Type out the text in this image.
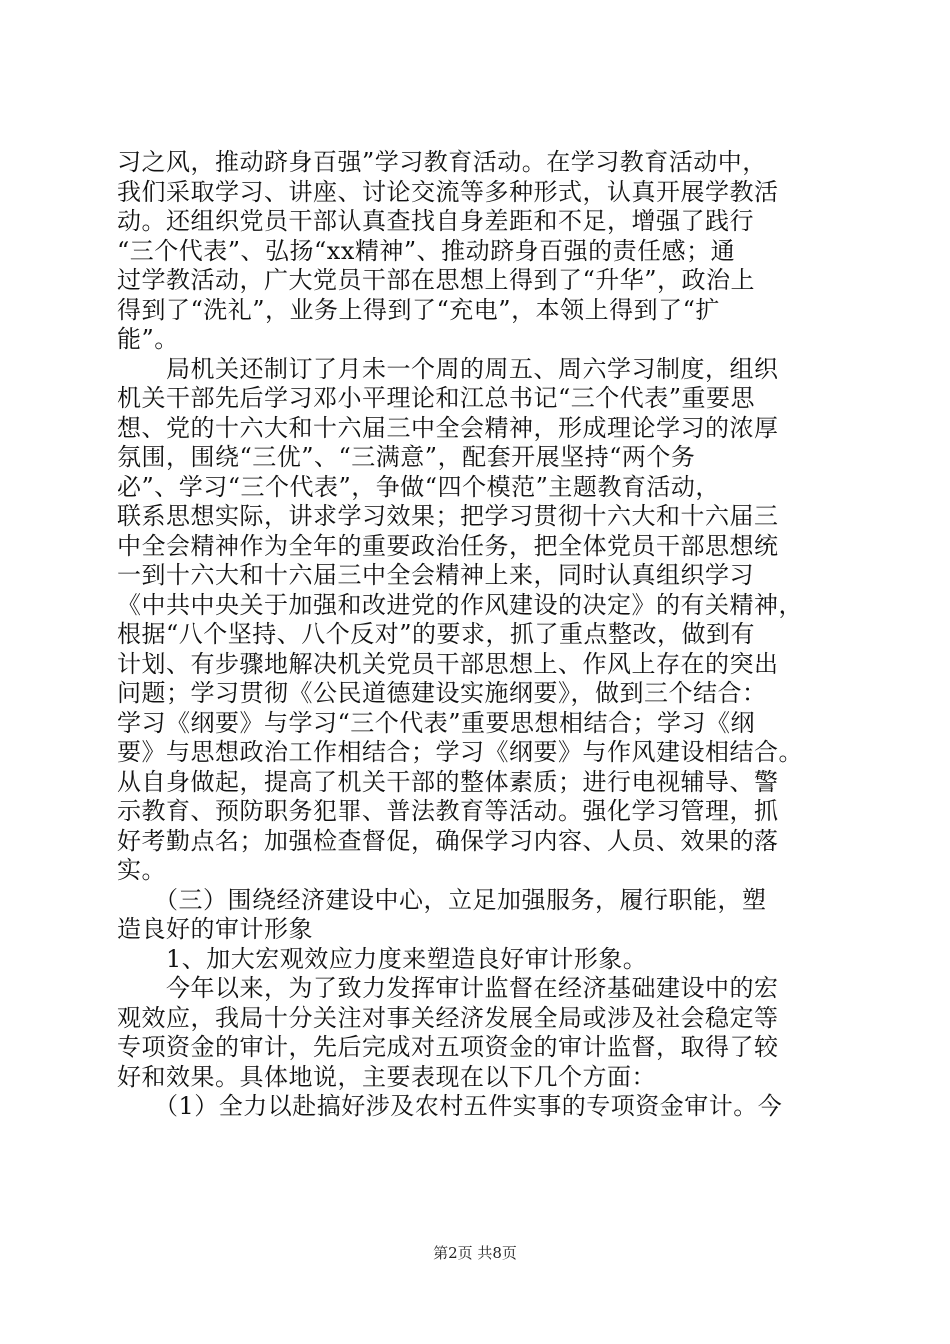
习之风，推动跻身百强”学习教育活动。在学习教育活动中，
我们采取学习、讲座、讨论交流等多种形式，认真开展学教活
动。还组织党员干部认真查找自身差距和不足，增强了践行
“三个代表”、弘扬“xx精神”、推动跻身百强的责任感；通
过学教活动，广大党员干部在思想上得到了“升华”，政治上
得到了“洗礼”，业务上得到了“充电”，本领上得到了“扩
能”。
　　局机关还制订了月未一个周的周五、周六学习制度，组织
机关干部先后学习邓小平理论和江总书记“三个代表”重要思
想、党的十六大和十六届三中全会精神，形成理论学习的浓厚
氛围，围绕“三优”、“三满意”，配套开展坚持“两个务
必”、学习“三个代表”，争做“四个模范”主题教育活动，
联系思想实际，讲求学习效果；把学习贯彻十六大和十六届三
中全会精神作为全年的重要政治任务，把全体党员干部思想统
一到十六大和十六届三中全会精神上来，同时认真组织学习
《中共中央关于加强和改进党的作风建设的决定》的有关精神，
根据“八个坚持、八个反对”的要求，抓了重点整改，做到有
计划、有步骤地解决机关党员干部思想上、作风上存在的突出
问题；学习贯彻《公民道德建设实施纲要》，做到三个结合：
学习《纲要》与学习“三个代表”重要思想相结合；学习《纲
要》与思想政治工作相结合；学习《纲要》与作风建设相结合。
从自身做起，提高了机关干部的整体素质；进行电视辅导、警
示教育、预防职务犯罪、普法教育等活动。强化学习管理，抓
好考勤点名；加强检查督促，确保学习内容、人员、效果的落
实。
　　（三）围绕经济建设中心，立足加强服务，履行职能，塑
造良好的审计形象
　　1、加大宏观效应力度来塑造良好审计形象。
　　今年以来，为了致力发挥审计监督在经济基础建设中的宏
观效应，我局十分关注对事关经济发展全局或涉及社会稳定等
专项资金的审计，先后完成对五项资金的审计监督，取得了较
好和效果。具体地说，主要表现在以下几个方面：
　　（1）全力以赴搞好涉及农村五件实事的专项资金审计。今
第2页 共8页
